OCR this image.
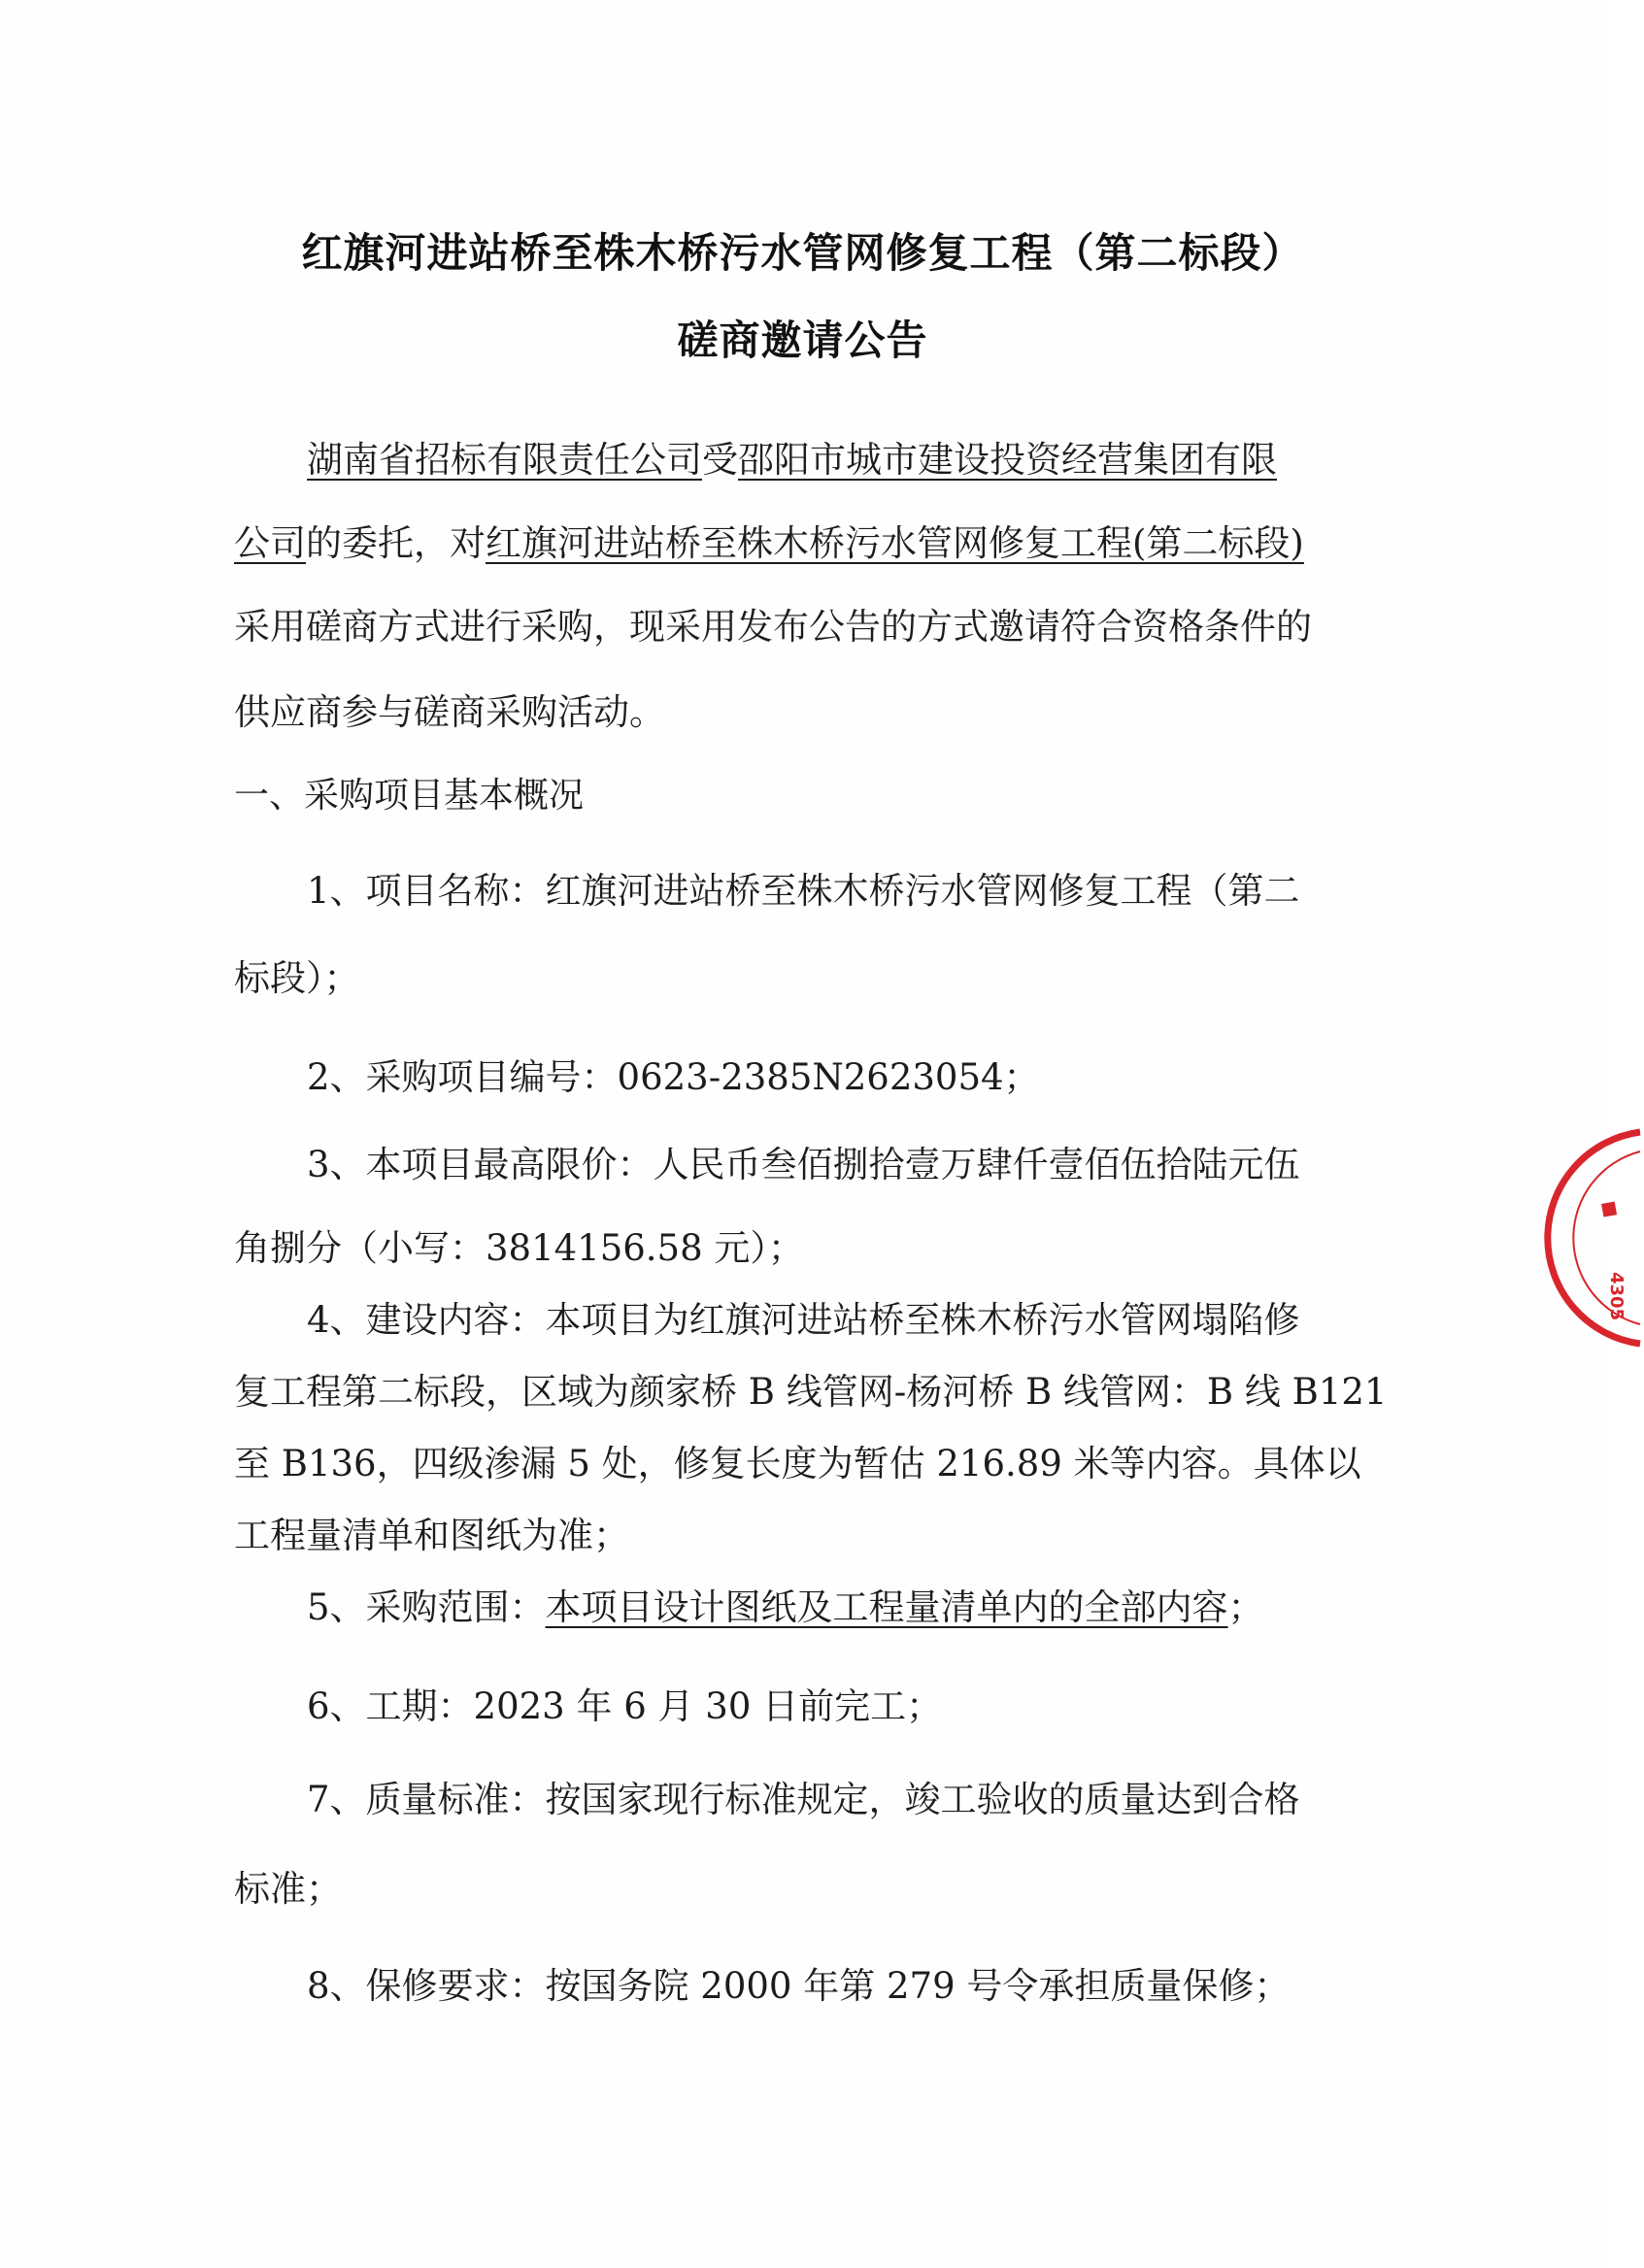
红旗河进站桥至株木桥污水管网修复工程（第二标段）
磋商邀请公告
湖南省招标有限责任公司受邵阳市城市建设投资经营集团有限
公司的委托，对红旗河进站桥至株木桥污水管网修复工程(第二标段)
采用磋商方式进行采购，现采用发布公告的方式邀请符合资格条件的
供应商参与磋商采购活动。
一、采购项目基本概况
1、项目名称：红旗河进站桥至株木桥污水管网修复工程（第二
标段）；
2、采购项目编号：0623-2385N2623054；
3、本项目最高限价：人民币叁佰捌拾壹万肆仟壹佰伍拾陆元伍
角捌分（小写：3814156.58 元）；
4、建设内容：本项目为红旗河进站桥至株木桥污水管网塌陷修
复工程第二标段，区域为颜家桥 B 线管网-杨河桥 B 线管网：B 线 B121
至 B136，四级渗漏 5 处，修复长度为暂估 216.89 米等内容。具体以
工程量清单和图纸为准；
5、采购范围：本项目设计图纸及工程量清单内的全部内容；
6、工期：2023 年 6 月 30 日前完工；
7、质量标准：按国家现行标准规定，竣工验收的质量达到合格
标准；
8、保修要求：按国务院 2000 年第 279 号令承担质量保修；
4305
■
